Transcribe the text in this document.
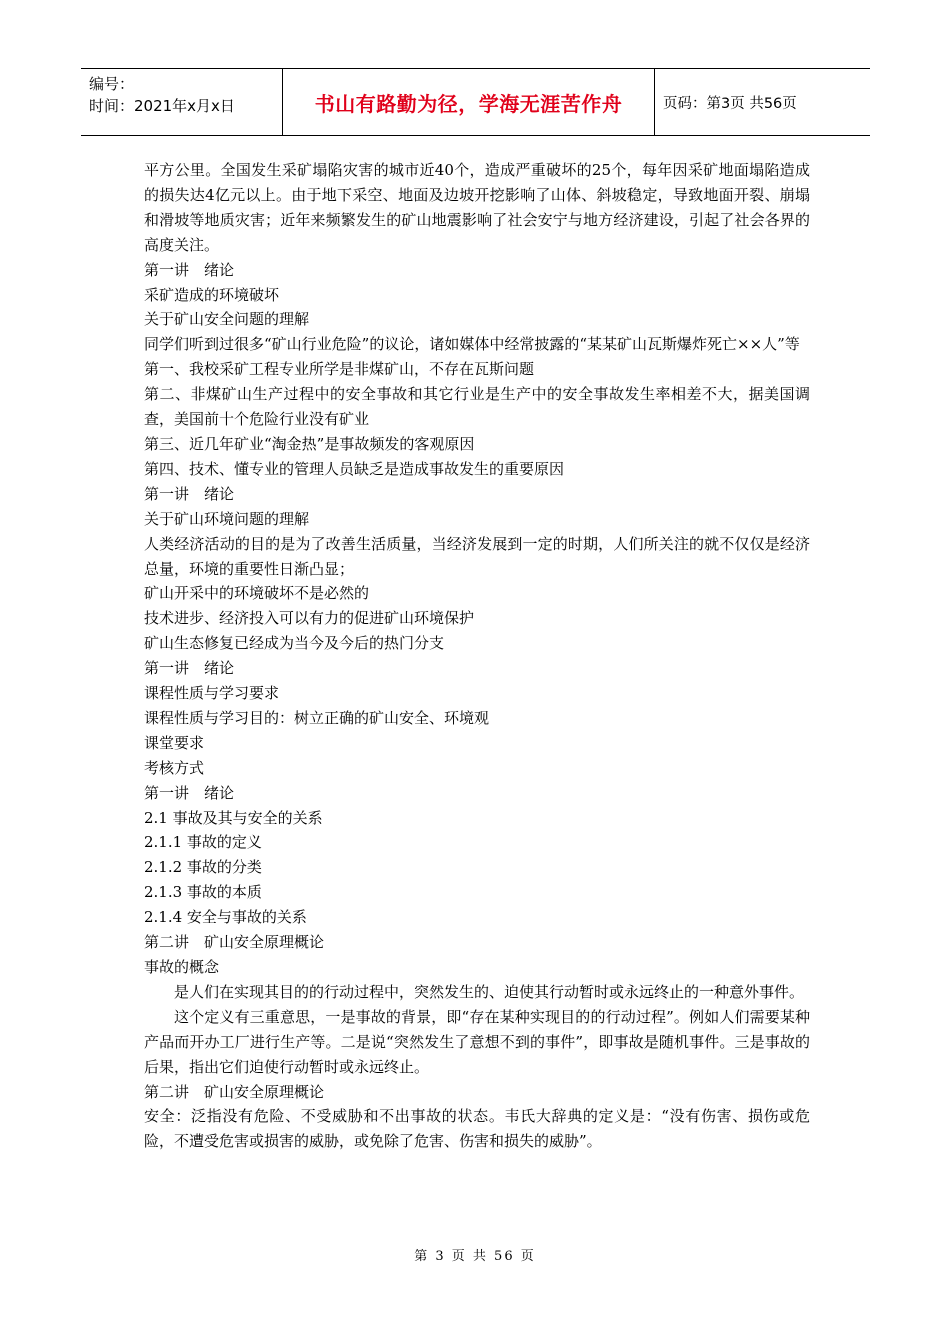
编号：
时间：2021年x月x日	书山有路勤为径，学海无涯苦作舟	页码：第3页 共56页

平方公里。全国发生采矿塌陷灾害的城市近40个，造成严重破坏的25个，每年因采矿地面塌陷造成的损失达4亿元以上。由于地下采空、地面及边坡开挖影响了山体、斜坡稳定，导致地面开裂、崩塌和滑坡等地质灾害；近年来频繁发生的矿山地震影响了社会安宁与地方经济建设，引起了社会各界的高度关注。

第一讲　绪论

采矿造成的环境破坏

关于矿山安全问题的理解

同学们听到过很多“矿山行业危险”的议论，诸如媒体中经常披露的“某某矿山瓦斯爆炸死亡××人”等

第一、我校采矿工程专业所学是非煤矿山，不存在瓦斯问题

第二、非煤矿山生产过程中的安全事故和其它行业是生产中的安全事故发生率相差不大，据美国调查，美国前十个危险行业没有矿业

第三、近几年矿业“淘金热”是事故频发的客观原因

第四、技术、懂专业的管理人员缺乏是造成事故发生的重要原因

第一讲　绪论

关于矿山环境问题的理解

人类经济活动的目的是为了改善生活质量，当经济发展到一定的时期，人们所关注的就不仅仅是经济总量，环境的重要性日渐凸显；

矿山开采中的环境破坏不是必然的

技术进步、经济投入可以有力的促进矿山环境保护

矿山生态修复已经成为当今及今后的热门分支

第一讲　绪论

课程性质与学习要求

课程性质与学习目的：树立正确的矿山安全、环境观

课堂要求

考核方式

第一讲　绪论

2.1 事故及其与安全的关系

2.1.1 事故的定义

2.1.2 事故的分类

2.1.3 事故的本质

2.1.4 安全与事故的关系

第二讲　矿山安全原理概论

事故的概念

是人们在实现其目的的行动过程中，突然发生的、迫使其行动暂时或永远终止的一种意外事件。

这个定义有三重意思，一是事故的背景，即“存在某种实现目的的行动过程”。例如人们需要某种产品而开办工厂进行生产等。二是说“突然发生了意想不到的事件”，即事故是随机事件。三是事故的后果，指出它们迫使行动暂时或永远终止。

第二讲　矿山安全原理概论

安全：泛指没有危险、不受威胁和不出事故的状态。韦氏大辞典的定义是：“没有伤害、损伤或危险，不遭受危害或损害的威胁，或免除了危害、伤害和损失的威胁”。

第 3 页 共 56 页
